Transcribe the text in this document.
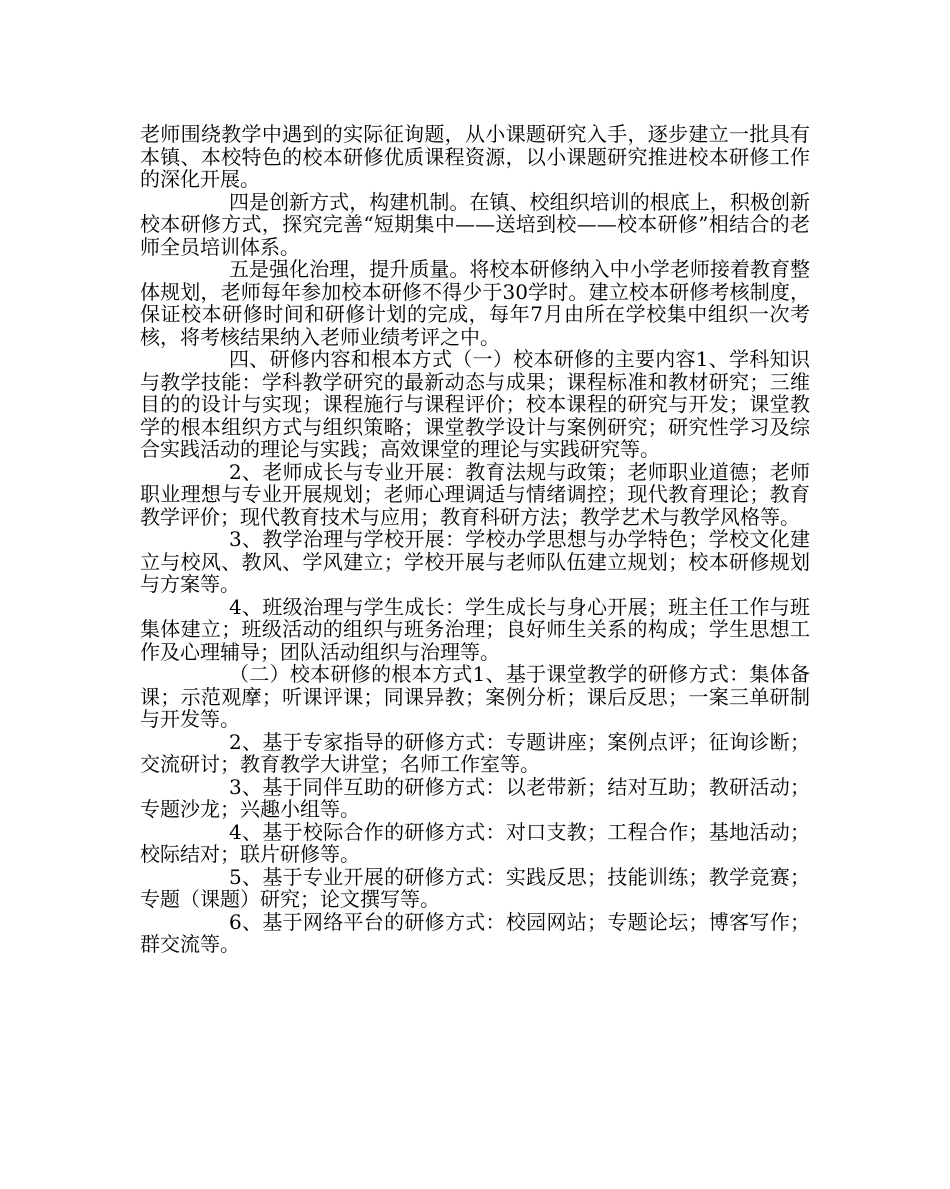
老师围绕教学中遇到的实际征询题，从小课题研究入手，逐步建立一批具有本镇、本校特色的校本研修优质课程资源，以小课题研究推进校本研修工作的深化开展。

四是创新方式，构建机制。在镇、校组织培训的根底上，积极创新校本研修方式，探究完善“短期集中——送培到校——校本研修”相结合的老师全员培训体系。

五是强化治理，提升质量。将校本研修纳入中小学老师接着教育整体规划，老师每年参加校本研修不得少于30学时。建立校本研修考核制度，保证校本研修时间和研修计划的完成，每年7月由所在学校集中组织一次考核，将考核结果纳入老师业绩考评之中。

四、研修内容和根本方式（一）校本研修的主要内容1、学科知识与教学技能：学科教学研究的最新动态与成果；课程标准和教材研究；三维目的的设计与实现；课程施行与课程评价；校本课程的研究与开发；课堂教学的根本组织方式与组织策略；课堂教学设计与案例研究；研究性学习及综合实践活动的理论与实践；高效课堂的理论与实践研究等。

2、老师成长与专业开展：教育法规与政策；老师职业道德；老师职业理想与专业开展规划；老师心理调适与情绪调控；现代教育理论；教育教学评价；现代教育技术与应用；教育科研方法；教学艺术与教学风格等。

3、教学治理与学校开展：学校办学思想与办学特色；学校文化建立与校风、教风、学风建立；学校开展与老师队伍建立规划；校本研修规划与方案等。

4、班级治理与学生成长：学生成长与身心开展；班主任工作与班集体建立；班级活动的组织与班务治理；良好师生关系的构成；学生思想工作及心理辅导；团队活动组织与治理等。

（二）校本研修的根本方式1、基于课堂教学的研修方式：集体备课；示范观摩；听课评课；同课异教；案例分析；课后反思；一案三单研制与开发等。

2、基于专家指导的研修方式：专题讲座；案例点评；征询诊断；交流研讨；教育教学大讲堂；名师工作室等。

3、基于同伴互助的研修方式：以老带新；结对互助；教研活动；专题沙龙；兴趣小组等。

4、基于校际合作的研修方式：对口支教；工程合作；基地活动；校际结对；联片研修等。

5、基于专业开展的研修方式：实践反思；技能训练；教学竞赛；专题（课题）研究；论文撰写等。

6、基于网络平台的研修方式：校园网站；专题论坛；博客写作；群交流等。
